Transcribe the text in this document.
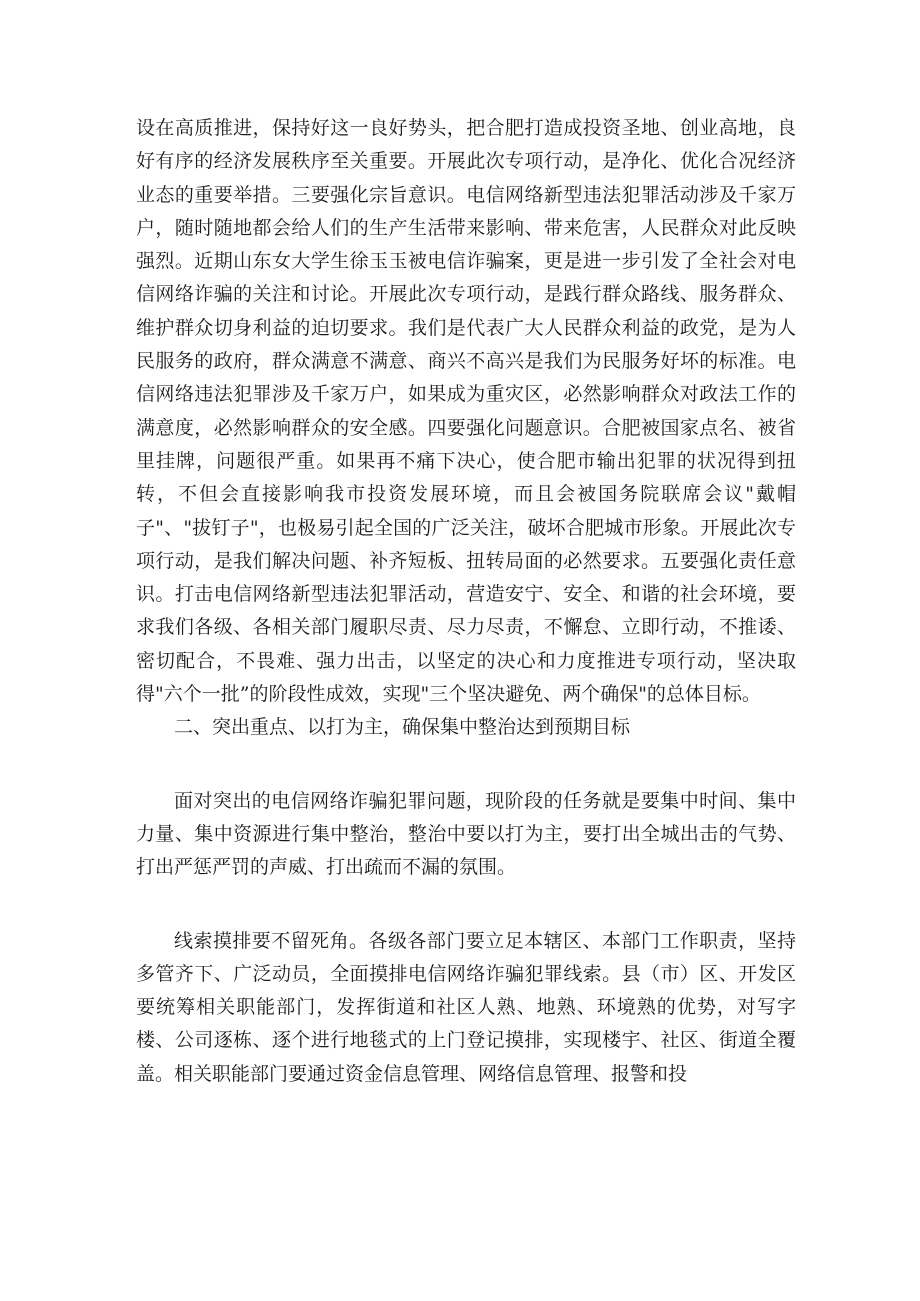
设在高质推进，保持好这一良好势头，把合肥打造成投资圣地、创业高地，良好有序的经济发展秩序至关重要。开展此次专项行动，是净化、优化合况经济业态的重要举措。三要强化宗旨意识。电信网络新型违法犯罪活动涉及千家万户，随时随地都会给人们的生产生活带来影响、带来危害，人民群众对此反映强烈。近期山东女大学生徐玉玉被电信诈骗案，更是进一步引发了全社会对电信网络诈骗的关注和讨论。开展此次专项行动，是践行群众路线、服务群众、维护群众切身利益的迫切要求。我们是代表广大人民群众利益的政党，是为人民服务的政府，群众满意不满意、商兴不高兴是我们为民服务好坏的标准。电信网络违法犯罪涉及千家万户，如果成为重灾区，必然影响群众对政法工作的满意度，必然影响群众的安全感。四要强化问题意识。合肥被国家点名、被省里挂牌，问题很严重。如果再不痛下决心，使合肥市输出犯罪的状况得到扭转，不但会直接影响我市投资发展环境，而且会被国务院联席会议"戴帽子"、"拔钉子"，也极易引起全国的广泛关注，破坏合肥城市形象。开展此次专项行动，是我们解决问题、补齐短板、扭转局面的必然要求。五要强化责任意识。打击电信网络新型违法犯罪活动，营造安宁、安全、和谐的社会环境，要求我们各级、各相关部门履职尽责、尽力尽责，不懈怠、立即行动，不推诿、密切配合，不畏难、强力出击，以坚定的决心和力度推进专项行动，坚决取得"六个一批”的阶段性成效，实现"三个坚决避免、两个确保"的总体目标。

二、突出重点、以打为主，确保集中整治达到预期目标

面对突出的电信网络诈骗犯罪问题，现阶段的任务就是要集中时间、集中力量、集中资源进行集中整治，整治中要以打为主，要打出全城出击的气势、打出严惩严罚的声威、打出疏而不漏的氛围。

线索摸排要不留死角。各级各部门要立足本辖区、本部门工作职责，坚持多管齐下、广泛动员，全面摸排电信网络诈骗犯罪线索。县（市）区、开发区要统筹相关职能部门，发挥街道和社区人熟、地熟、环境熟的优势，对写字楼、公司逐栋、逐个进行地毯式的上门登记摸排，实现楼宇、社区、街道全覆盖。相关职能部门要通过资金信息管理、网络信息管理、报警和投
